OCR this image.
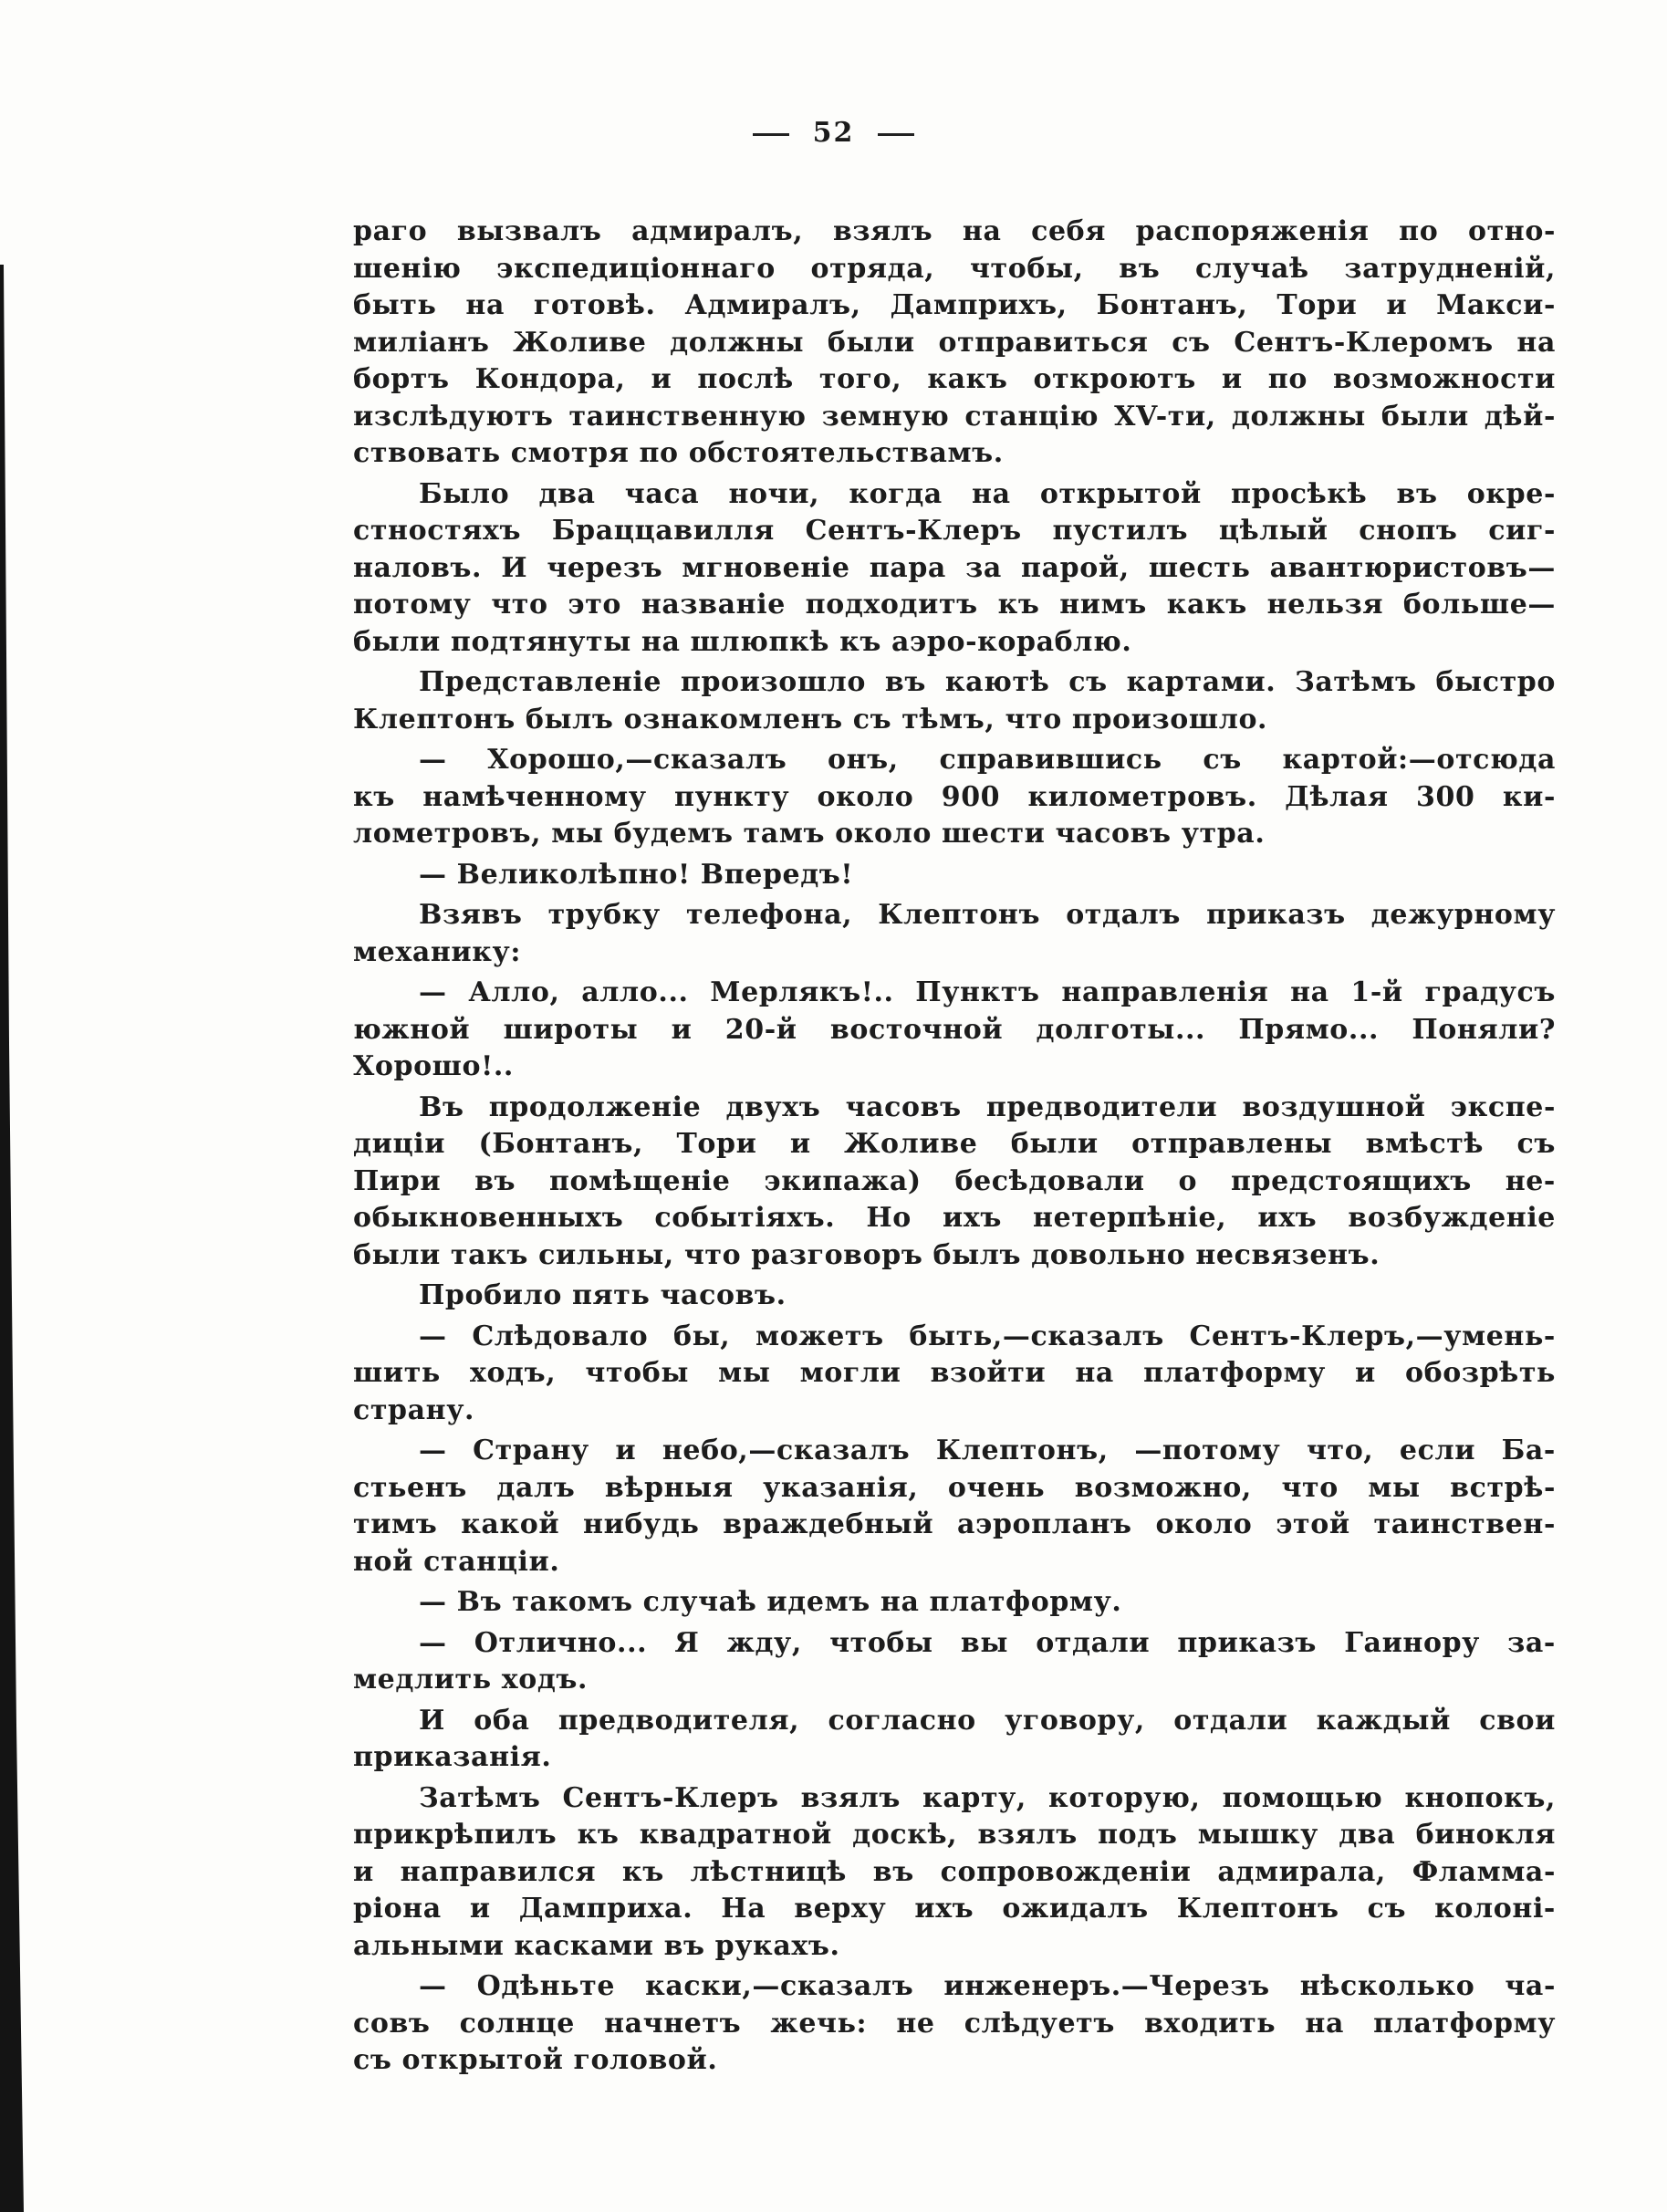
52
раго вызвалъ адмиралъ, взялъ на себя распоряженія по отно-
шенію экспедиціоннаго отряда, чтобы, въ случаѣ затрудненій,
быть на готовѣ. Адмиралъ, Дамприхъ, Бонтанъ, Тори и Макси-
миліанъ Жоливе должны были отправиться съ Сентъ-Клеромъ на
бортъ Кондора, и послѣ того, какъ откроютъ и по возможности
изслѣдуютъ таинственную земную станцію XV-ти, должны были дѣй-
ствовать смотря по обстоятельствамъ.
Было два часа ночи, когда на открытой просѣкѣ въ окре-
стностяхъ Браццавилля Сентъ-Клеръ пустилъ цѣлый снопъ сиг-
наловъ. И черезъ мгновеніе пара за парой, шесть авантюристовъ—
потому что это названіе подходитъ къ нимъ какъ нельзя больше—
были подтянуты на шлюпкѣ къ аэро-кораблю.
Представленіе произошло въ каютѣ съ картами. Затѣмъ быстро
Клептонъ былъ ознакомленъ съ тѣмъ, что произошло.
— Хорошо,—сказалъ онъ, справившись съ картой:—отсюда
къ намѣченному пункту около 900 километровъ. Дѣлая 300 ки-
лометровъ, мы будемъ тамъ около шести часовъ утра.
— Великолѣпно! Впередъ!
Взявъ трубку телефона, Клептонъ отдалъ приказъ дежурному
механику:
— Алло, алло... Мерлякъ!.. Пунктъ направленія на 1-й градусъ
южной широты и 20-й восточной долготы... Прямо... Поняли?
Хорошо!..
Въ продолженіе двухъ часовъ предводители воздушной экспе-
диціи (Бонтанъ, Тори и Жоливе были отправлены вмѣстѣ съ
Пири въ помѣщеніе экипажа) бесѣдовали о предстоящихъ не-
обыкновенныхъ событіяхъ. Но ихъ нетерпѣніе, ихъ возбужденіе
были такъ сильны, что разговоръ былъ довольно несвязенъ.
Пробило пять часовъ.
— Слѣдовало бы, можетъ быть,—сказалъ Сентъ-Клеръ,—умень-
шить ходъ, чтобы мы могли взойти на платформу и обозрѣть
страну.
— Страну и небо,—сказалъ Клептонъ, —потому что, если Ба-
стьенъ далъ вѣрныя указанія, очень возможно, что мы встрѣ-
тимъ какой нибудь враждебный аэропланъ около этой таинствен-
ной станціи.
— Въ такомъ случаѣ идемъ на платформу.
— Отлично... Я жду, чтобы вы отдали приказъ Гаинору за-
медлить ходъ.
И оба предводителя, согласно уговору, отдали каждый свои
приказанія.
Затѣмъ Сентъ-Клеръ взялъ карту, которую, помощью кнопокъ,
прикрѣпилъ къ квадратной доскѣ, взялъ подъ мышку два бинокля
и направился къ лѣстницѣ въ сопровожденіи адмирала, Фламма-
ріона и Дамприха. На верху ихъ ожидалъ Клептонъ съ колоні-
альными касками въ рукахъ.
— Одѣньте каски,—сказалъ инженеръ.—Черезъ нѣсколько ча-
совъ солнце начнетъ жечь: не слѣдуетъ входить на платформу
съ открытой головой.
